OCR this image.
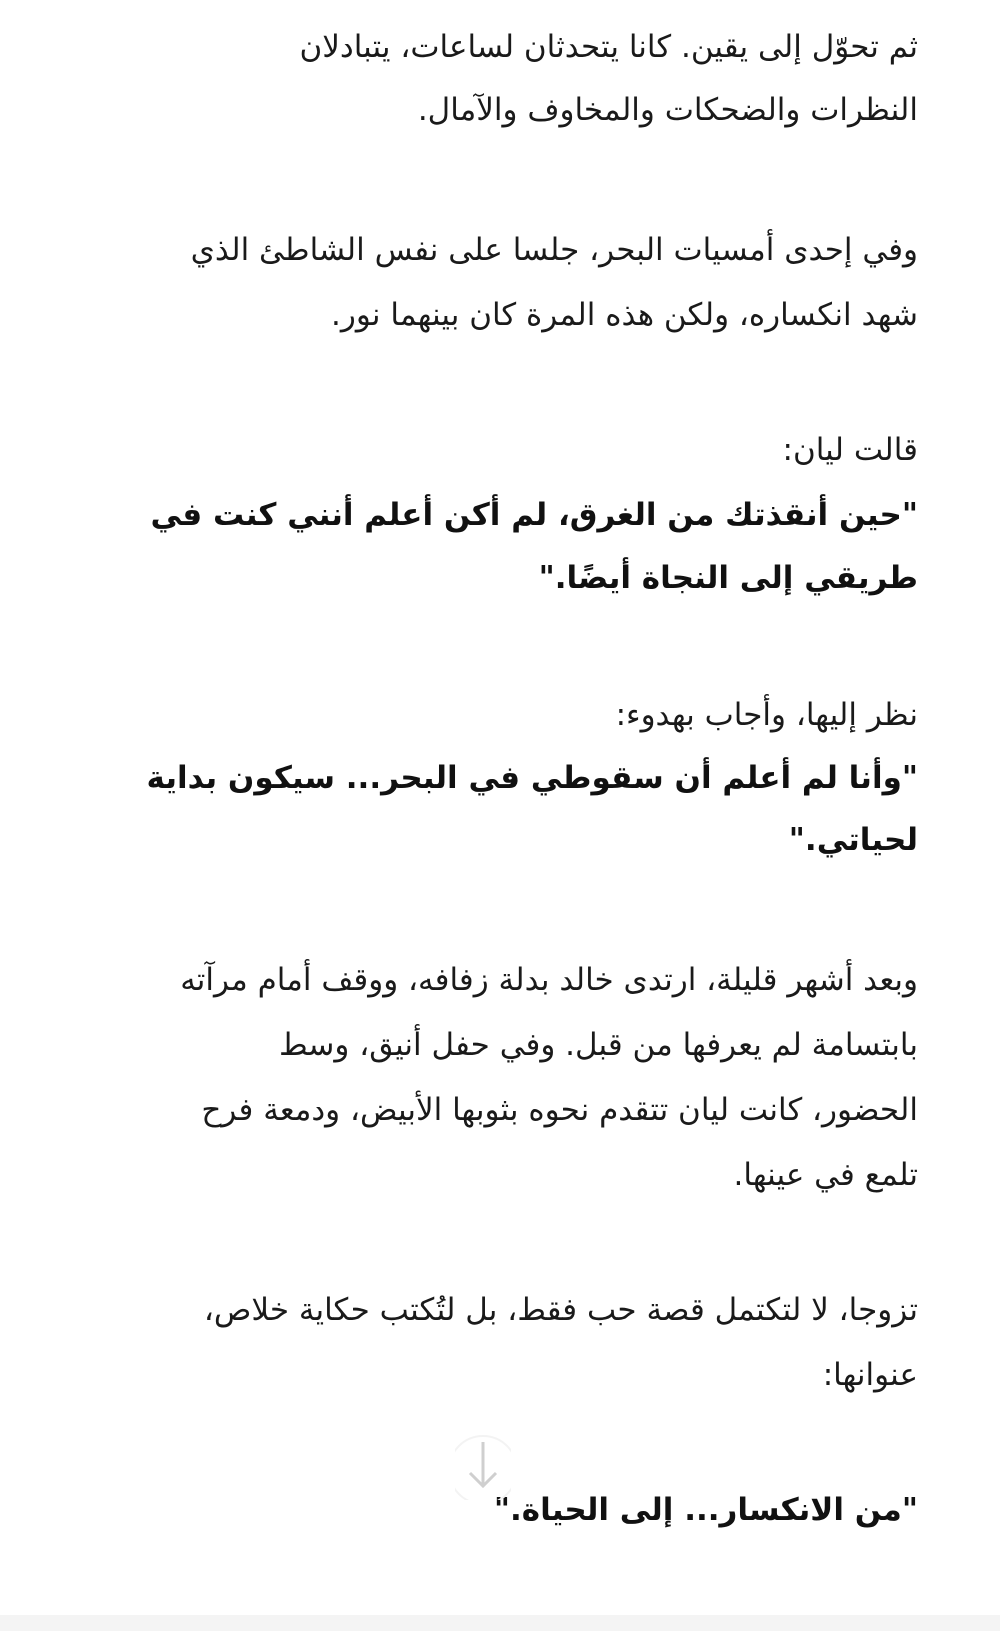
ثم تحوّل إلى يقين. كانا يتحدثان لساعات، يتبادلان
النظرات والضحكات والمخاوف والآمال.
وفي إحدى أمسيات البحر، جلسا على نفس الشاطئ الذي
شهد انكساره، ولكن هذه المرة كان بينهما نور.
قالت ليان:
"حين أنقذتك من الغرق، لم أكن أعلم أنني كنت في
طريقي إلى النجاة أيضًا."
نظر إليها، وأجاب بهدوء:
"وأنا لم أعلم أن سقوطي في البحر... سيكون بداية
لحياتي."
وبعد أشهر قليلة، ارتدى خالد بدلة زفافه، ووقف أمام مرآته
بابتسامة لم يعرفها من قبل. وفي حفل أنيق، وسط
الحضور، كانت ليان تتقدم نحوه بثوبها الأبيض، ودمعة فرح
تلمع في عينها.
تزوجا، لا لتكتمل قصة حب فقط، بل لتُكتب حكاية خلاص،
عنوانها:
"من الانكسار... إلى الحياة."
